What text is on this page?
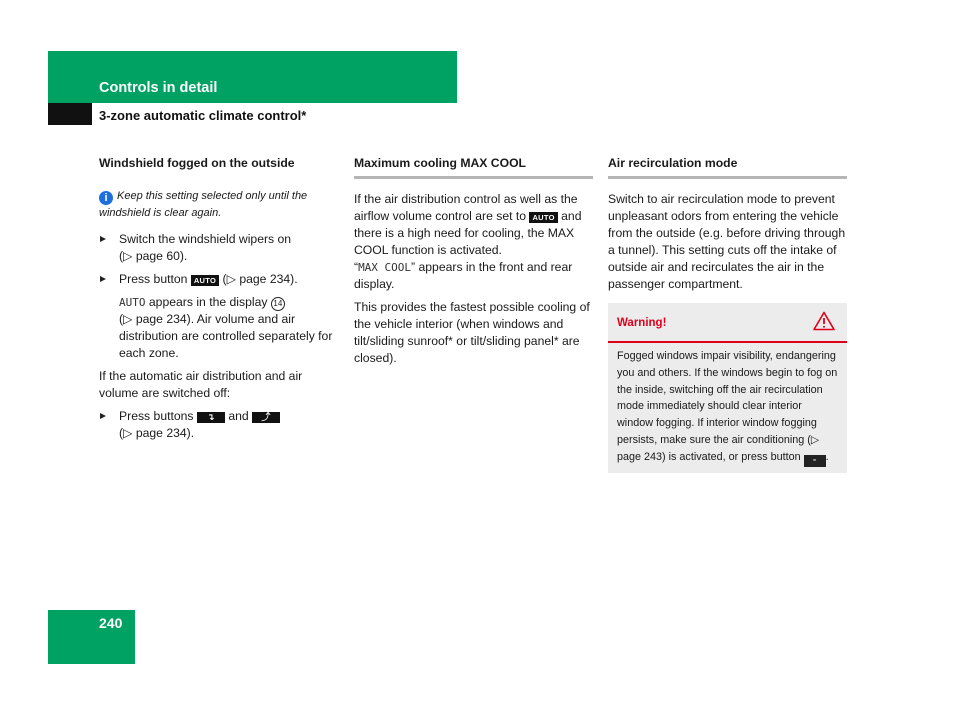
Controls in detail
3-zone automatic climate control*
Windshield fogged on the outside
i Keep this setting selected only until the windshield is clear again.
Switch the windshield wipers on
(▷ page 60).
Press button AUTO (▷ page 234).
AUTO appears in the display 14
(▷ page 234). Air volume and air distribution are controlled separately for each zone.

If the automatic air distribution and air volume are switched off:

Press buttons ↴ and ⤴
(▷ page 234).
Maximum cooling MAX COOL

If the air distribution control as well as the airflow volume control are set to AUTO and there is a high need for cooling, the MAX COOL function is activated.
“MAX COOL” appears in the front and rear display.

This provides the fastest possible cooling of the vehicle interior (when windows and tilt/sliding sunroof* or tilt/sliding panel* are closed).

Air recirculation mode

Switch to air recirculation mode to prevent unpleasant odors from entering the vehicle from the outside (e.g. before driving through a tunnel). This setting cuts off the intake of outside air and recirculates the air in the passenger compartment.

Warning!
Fogged windows impair visibility, endangering you and others. If the windows begin to fog on the inside, switching off the air recirculation mode immediately should clear interior window fogging. If interior window fogging persists, make sure the air conditioning (▷ page 243) is activated, or press button ≈ .
240
